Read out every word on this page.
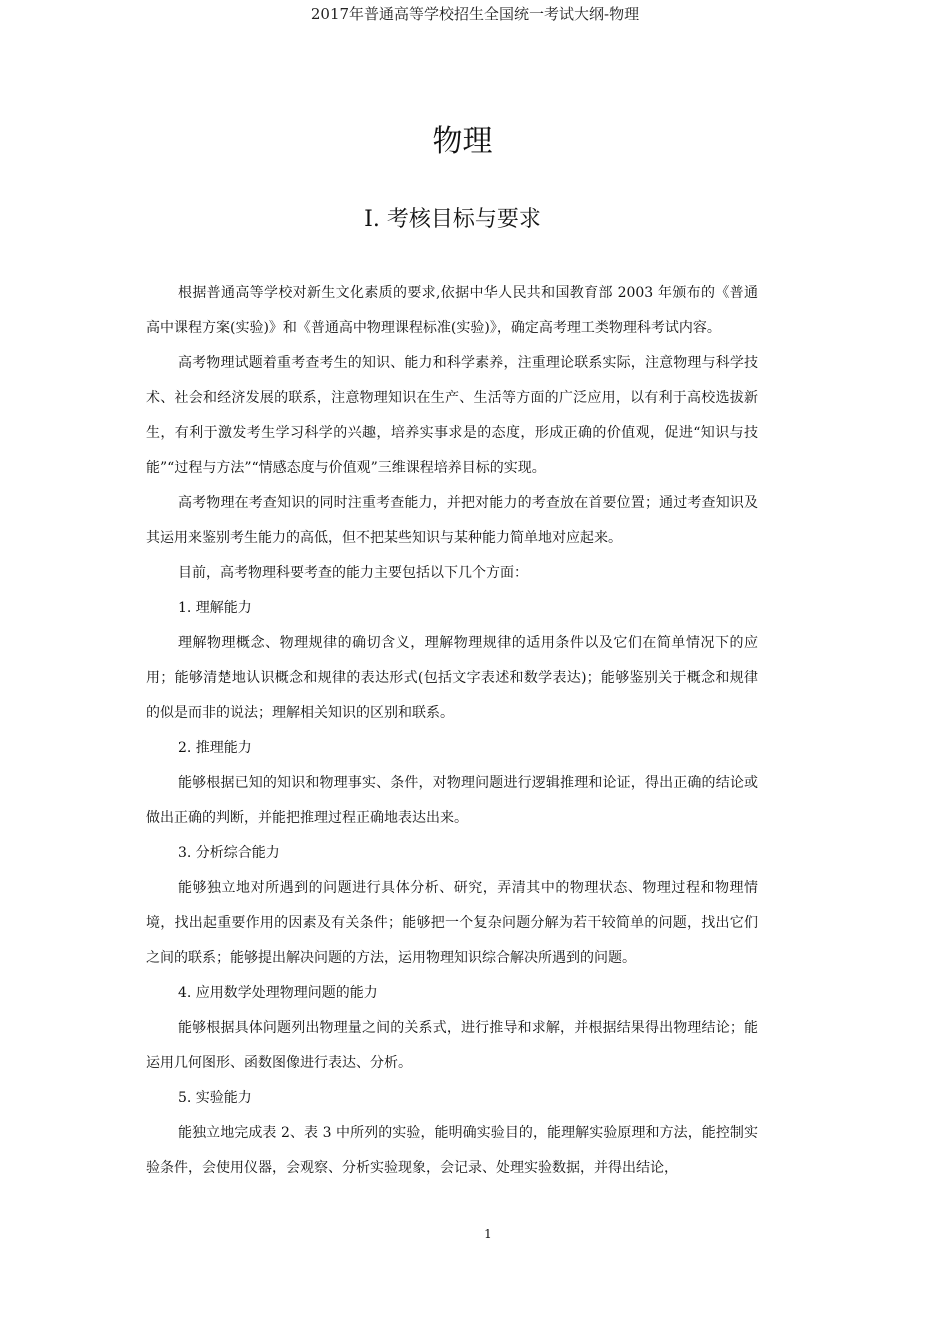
2017年普通高等学校招生全国统一考试大纲-物理
物理
I. 考核目标与要求

根据普通高等学校对新生文化素质的要求,依据中华人民共和国教育部 2003 年颁布的《普通高中课程方案(实验)》和《普通高中物理课程标准(实验)》，确定高考理工类物理科考试内容。

高考物理试题着重考查考生的知识、能力和科学素养，注重理论联系实际，注意物理与科学技术、社会和经济发展的联系，注意物理知识在生产、生活等方面的广泛应用，以有利于高校选拔新生，有利于激发考生学习科学的兴趣，培养实事求是的态度，形成正确的价值观，促进“知识与技能”“过程与方法”“情感态度与价值观”三维课程培养目标的实现。

高考物理在考查知识的同时注重考查能力，并把对能力的考查放在首要位置；通过考查知识及其运用来鉴别考生能力的高低，但不把某些知识与某种能力简单地对应起来。

目前，高考物理科要考查的能力主要包括以下几个方面：

1. 理解能力

理解物理概念、物理规律的确切含义，理解物理规律的适用条件以及它们在简单情况下的应用；能够清楚地认识概念和规律的表达形式(包括文字表述和数学表达)；能够鉴别关于概念和规律的似是而非的说法；理解相关知识的区别和联系。

2. 推理能力

能够根据已知的知识和物理事实、条件，对物理问题进行逻辑推理和论证，得出正确的结论或做出正确的判断，并能把推理过程正确地表达出来。

3. 分析综合能力

能够独立地对所遇到的问题进行具体分析、研究，弄清其中的物理状态、物理过程和物理情境，找出起重要作用的因素及有关条件；能够把一个复杂问题分解为若干较简单的问题，找出它们之间的联系；能够提出解决问题的方法，运用物理知识综合解决所遇到的问题。

4. 应用数学处理物理问题的能力

能够根据具体问题列出物理量之间的关系式，进行推导和求解，并根据结果得出物理结论；能运用几何图形、函数图像进行表达、分析。

5. 实验能力

能独立地完成表 2、表 3 中所列的实验，能明确实验目的，能理解实验原理和方法，能控制实验条件，会使用仪器，会观察、分析实验现象，会记录、处理实验数据，并得出结论，

1
